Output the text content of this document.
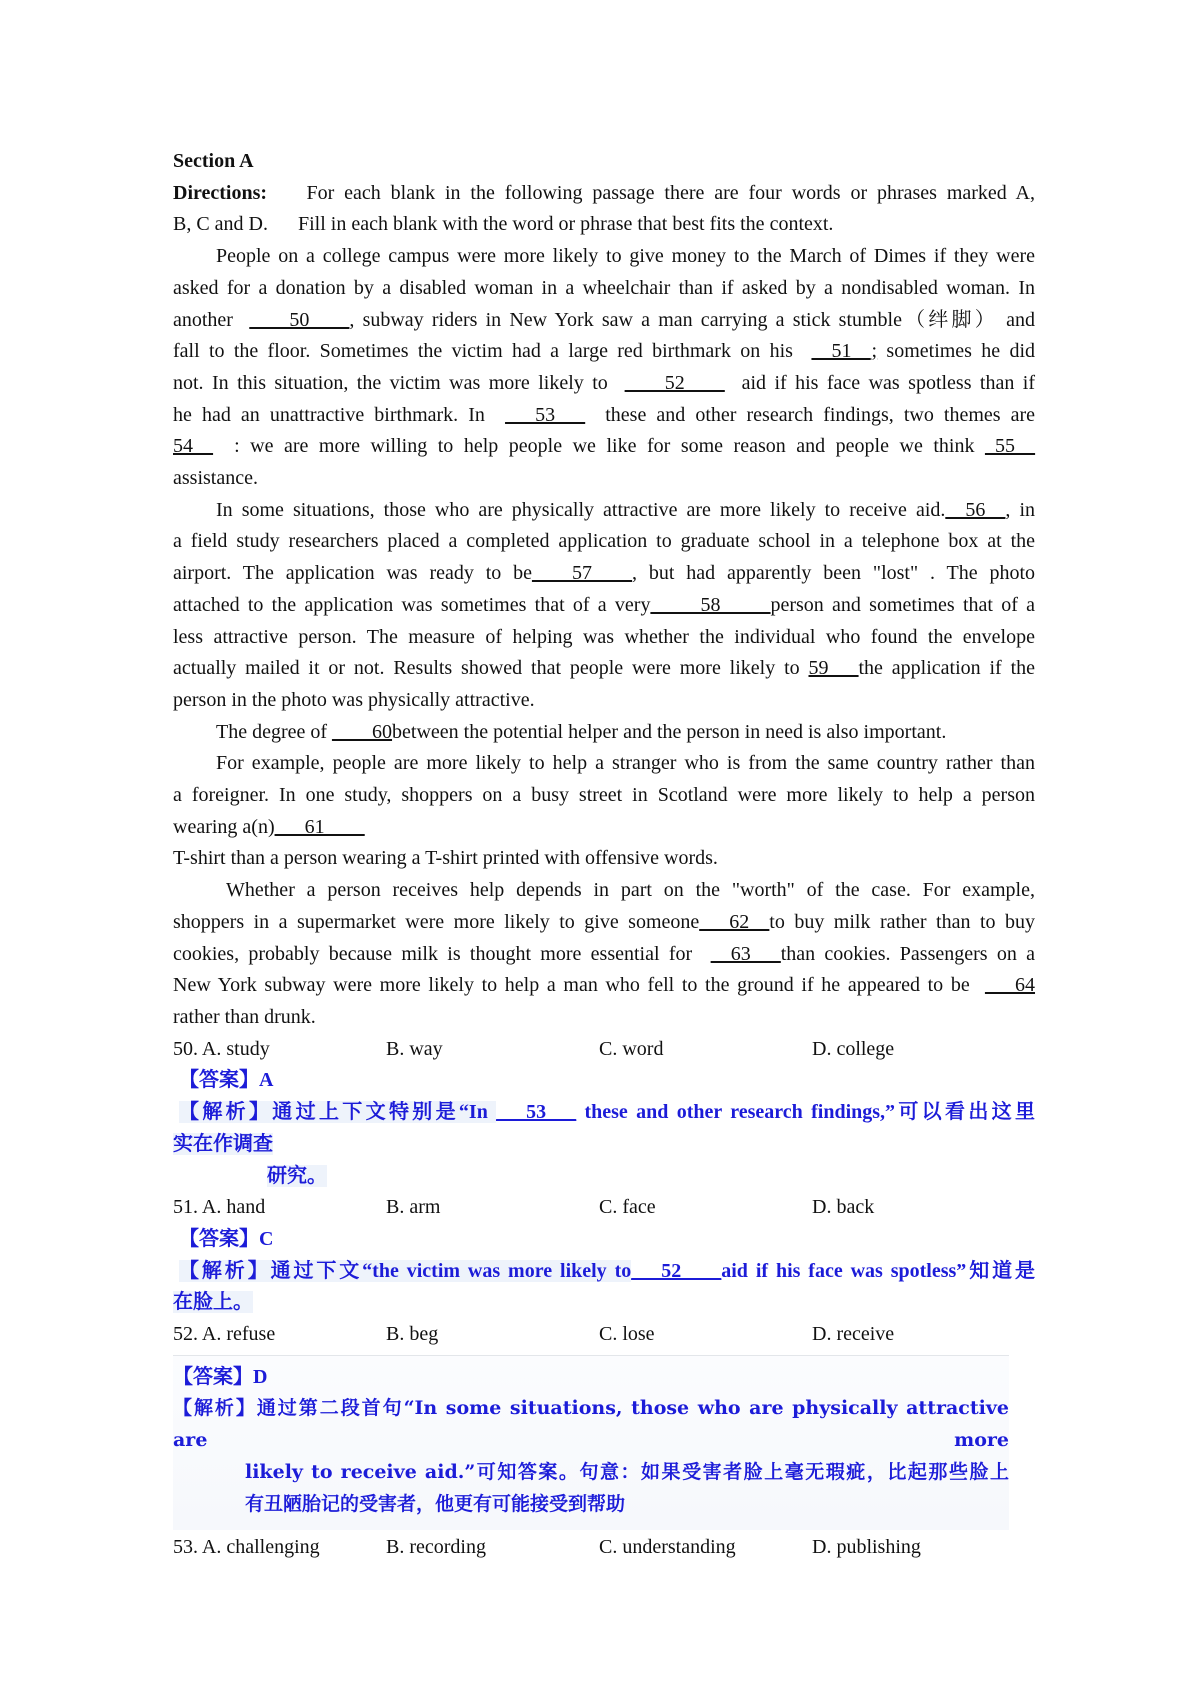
Section A

Directions: For each blank in the following passage there are four words or phrases marked A,

B, C and D.      Fill in each blank with the word or phrase that best fits the context.

People on a college campus were more likely to give money to the March of Dimes if they were

asked for a donation by a disabled woman in a wheelchair than if asked by a nondisabled woman. In

another ____50____, subway riders in New York saw a man carrying a stick stumble（绊脚） and

fall to the floor. Sometimes the victim had a large red birthmark on his __51__; sometimes he did

not. In this situation, the victim was more likely to ____52____ aid if his face was spotless than if

he had an unattractive birthmark. In ___53___ these and other research findings, two themes are

54__ : we are more willing to help people we like for some reason and people we think _55__

assistance.

In some situations, those who are physically attractive are more likely to receive aid.__56__, in

a field study researchers placed a completed application to graduate school in a telephone box at the

airport. The application was ready to be____57____, but had apparently been "lost" . The photo

attached to the application was sometimes that of a very_____58_____person and sometimes that of a

less attractive person. The measure of helping was whether the individual who found the envelope

actually mailed it or not. Results showed that people were more likely to 59___the application if the

person in the photo was physically attractive.

The degree of ____60between the potential helper and the person in need is also important.

For example, people are more likely to help a stranger who is from the same country rather than

a foreigner. In one study, shoppers on a busy street in Scotland were more likely to help a person

wearing a(n)___61____

T-shirt than a person wearing a T-shirt printed with offensive words.

Whether a person receives help depends in part on the "worth" of the case. For example,

shoppers in a supermarket were more likely to give someone___62__to buy milk rather than to buy

cookies, probably because milk is thought more essential for __63___than cookies. Passengers on a

New York subway were more likely to help a man who fell to the ground if he appeared to be ___64

rather than drunk.

50. A. study	B. way	C. word	D. college

【答案】A

【解析】通过上下文特别是“In ___53___ these and other research findings,”可以看出这里

实在作调查

研究。

51. A. hand	B. arm	C. face	D. back

【答案】C

【解析】通过下文“the victim was more likely to___52____aid if his face was spotless”知道是

在脸上。

52. A. refuse	B. beg	C. lose	D. receive

【答案】D

【解析】通过第二段首句“In some situations, those who are physically attractive are more

likely to receive aid.”可知答案。句意：如果受害者脸上毫无瑕疵，比起那些脸上

有丑陋胎记的受害者，他更有可能接受到帮助

53. A. challenging	B. recording	C. understanding	D. publishing
